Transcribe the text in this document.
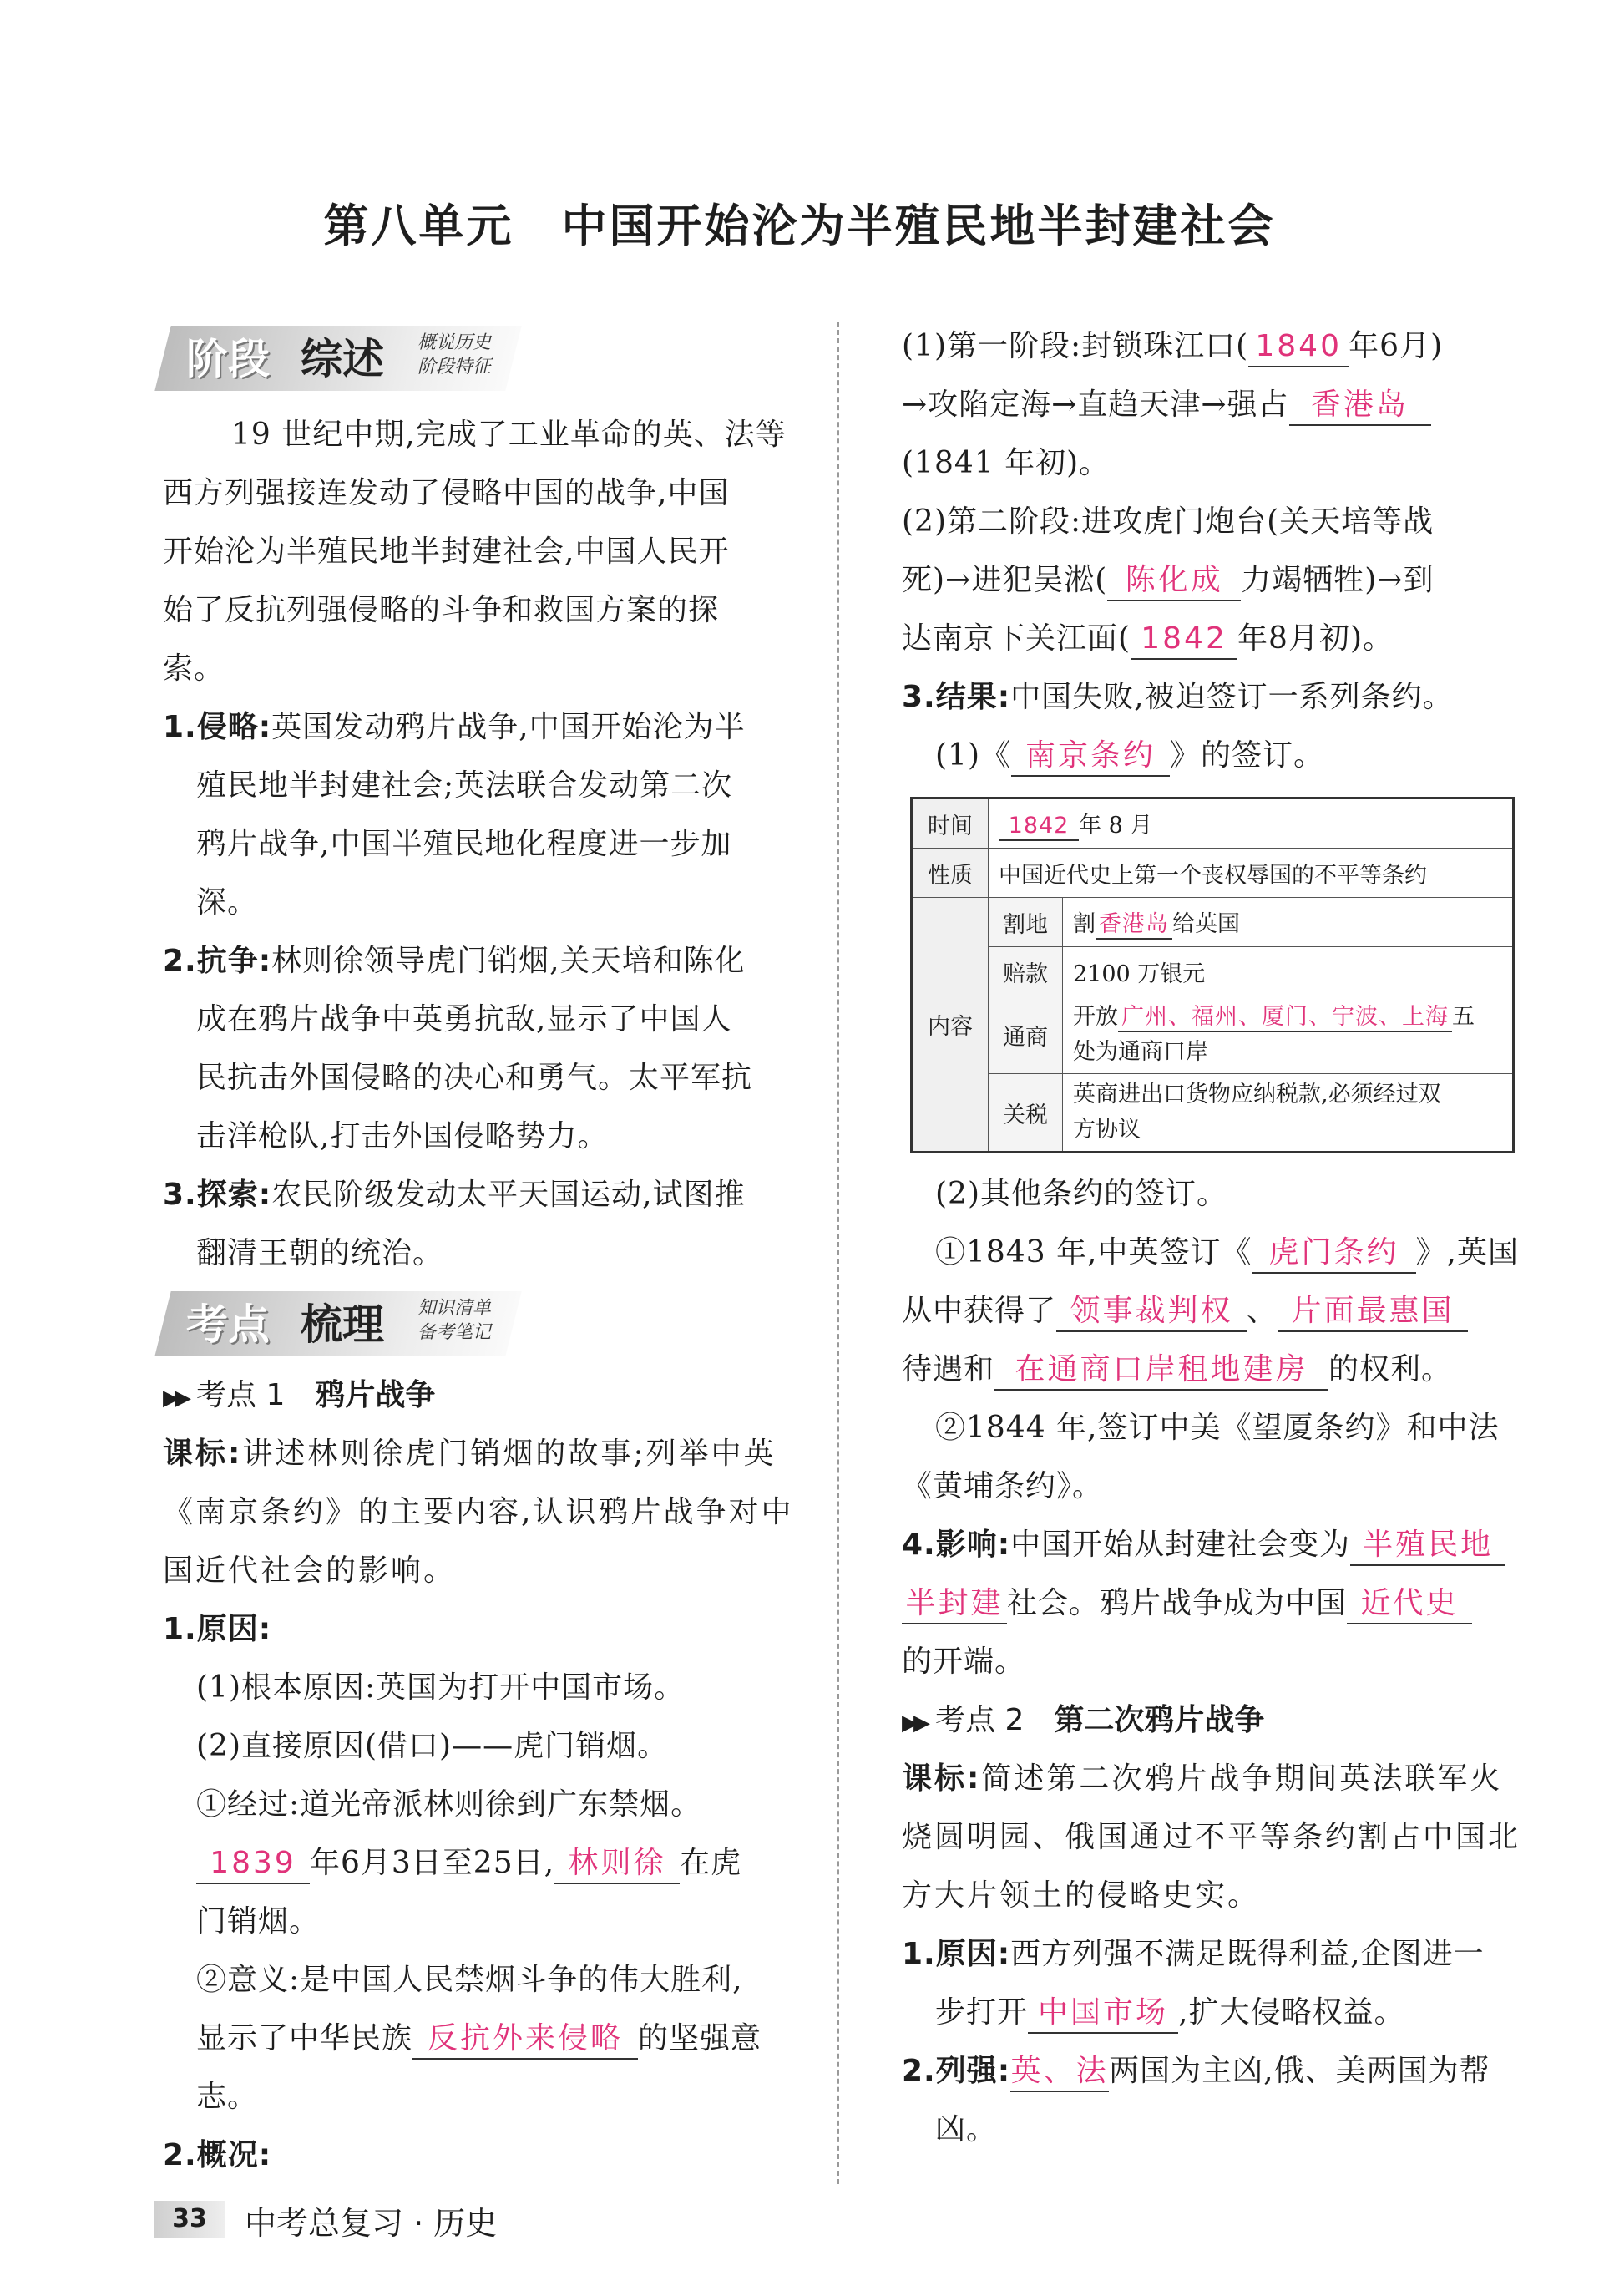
第八单元　中国开始沦为半殖民地半封建社会
阶段 综述 概说历史
阶段特征
19 世纪中期,完成了工业革命的英、法等
西方列强接连发动了侵略中国的战争,中国
开始沦为半殖民地半封建社会,中国人民开
始了反抗列强侵略的斗争和救国方案的探
索。
1.侵略:英国发动鸦片战争,中国开始沦为半
殖民地半封建社会;英法联合发动第二次
鸦片战争,中国半殖民地化程度进一步加
深。
2.抗争:林则徐领导虎门销烟,关天培和陈化
成在鸦片战争中英勇抗敌,显示了中国人
民抗击外国侵略的决心和勇气。太平军抗
击洋枪队,打击外国侵略势力。
3.探索:农民阶级发动太平天国运动,试图推
翻清王朝的统治。
考点 梳理 知识清单
备考笔记
▶▶ 考点 1 鸦片战争
课标:讲述林则徐虎门销烟的故事;列举中英
《南京条约》的主要内容,认识鸦片战争对中
国近代社会的影响。
1.原因:
(1)根本原因:英国为打开中国市场。
(2)直接原因(借口)——虎门销烟。
①经过:道光帝派林则徐到广东禁烟。
1839 年6月3日至25日, 林则徐 在虎
门销烟。
②意义:是中国人民禁烟斗争的伟大胜利,
显示了中华民族 反抗外来侵略 的坚强意
志。
2.概况:
(1)第一阶段:封锁珠江口( 1840 年6月)
→攻陷定海→直趋天津→强占 香港岛
(1841 年初)。
(2)第二阶段:进攻虎门炮台(关天培等战
死)→进犯吴淞( 陈化成 力竭牺牲)→到
达南京下关江面( 1842 年8月初)。
3.结果:中国失败,被迫签订一系列条约。
(1)《 南京条约 》的签订。
时间	1842 年 8 月	
性质	中国近代史上第一个丧权辱国的不平等条约	
内容	割地	割 香港岛 给英国
	赔款	2100 万银元
	通商	开放 广州、福州、厦门、宁波、上海 五
处为通商口岸
	关税	英商进出口货物应纳税款,必须经过双
方协议
(2)其他条约的签订。
①1843 年,中英签订《 虎门条约 》,英国
从中获得了 领事裁判权 、 片面最惠国
待遇和 在通商口岸租地建房 的权利。
②1844 年,签订中美《望厦条约》和中法
《黄埔条约》。
4.影响:中国开始从封建社会变为 半殖民地
半封建 社会。鸦片战争成为中国 近代史
的开端。
▶▶ 考点 2 第二次鸦片战争
课标:简述第二次鸦片战争期间英法联军火
烧圆明园、俄国通过不平等条约割占中国北
方大片领土的侵略史实。
1.原因:西方列强不满足既得利益,企图进一
步打开 中国市场 ,扩大侵略权益。
2.列强:英、法两国为主凶,俄、美两国为帮
凶。
33	中考总复习 · 历史
